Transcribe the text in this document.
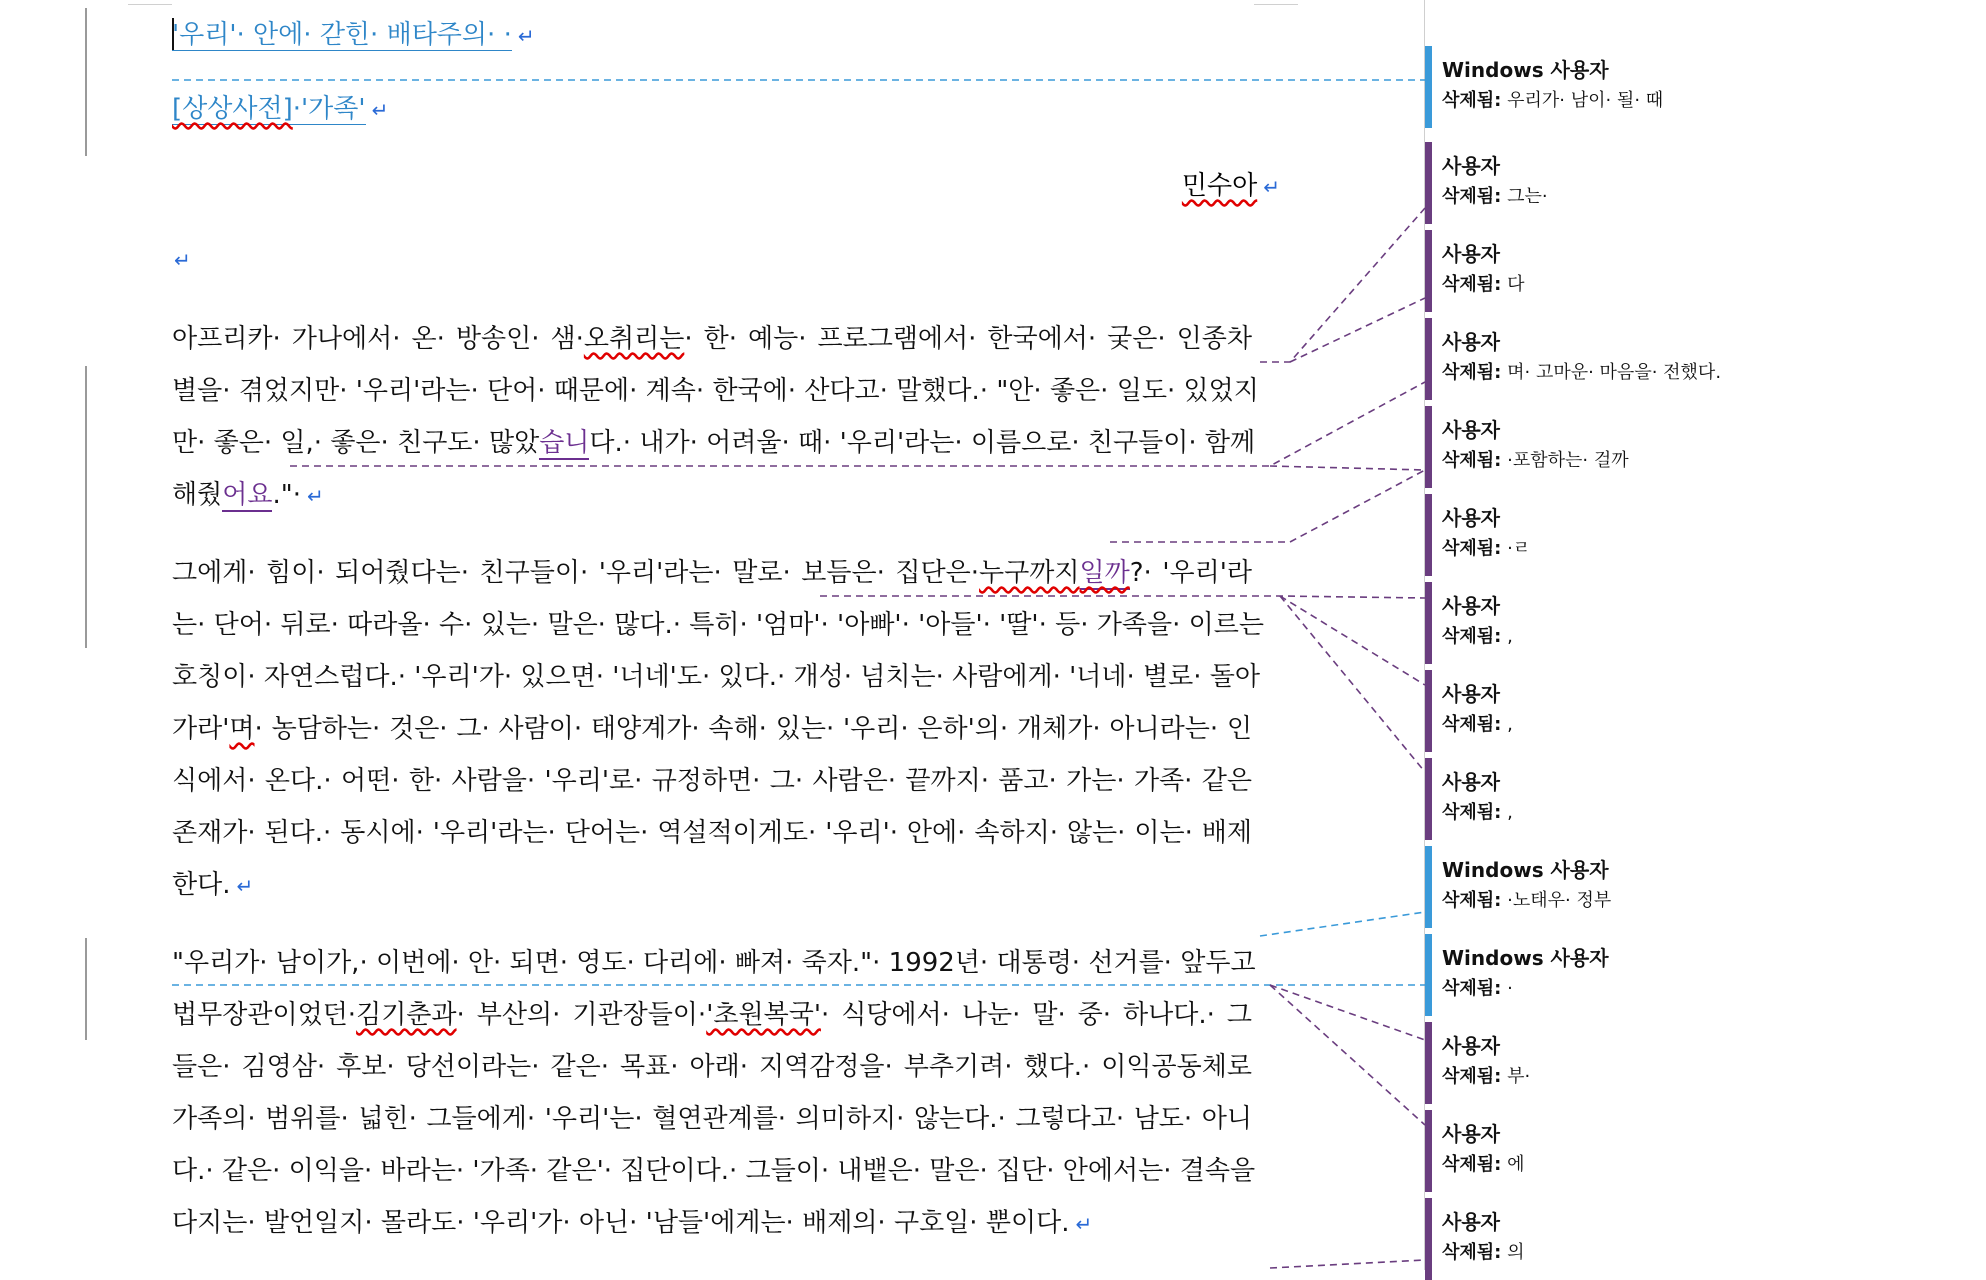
'우리'· 안에· 갇힌· 배타주의· · ↵
[상상사전]·'가족' ↵
민수아 ↵
↵
아프리카· 가나에서· 온· 방송인· 샘·오취리는· 한· 예능· 프로그램에서· 한국에서· 궂은· 인종차
별을· 겪었지만· '우리'라는· 단어· 때문에· 계속· 한국에· 산다고· 말했다.· "안· 좋은· 일도· 있었지
만· 좋은· 일,· 좋은· 친구도· 많았습니다.· 내가· 어려울· 때· '우리'라는· 이름으로· 친구들이· 함께
해줬어요."· ↵
그에게· 힘이· 되어줬다는· 친구들이· '우리'라는· 말로· 보듬은· 집단은·누구까지일까?· '우리'라
는· 단어· 뒤로· 따라올· 수· 있는· 말은· 많다.· 특히· '엄마'· '아빠'· '아들'· '딸'· 등· 가족을· 이르는
호칭이· 자연스럽다.· '우리'가· 있으면· '너네'도· 있다.· 개성· 넘치는· 사람에게· '너네· 별로· 돌아
가라'며· 농담하는· 것은· 그· 사람이· 태양계가· 속해· 있는· '우리· 은하'의· 개체가· 아니라는· 인
식에서· 온다.· 어떤· 한· 사람을· '우리'로· 규정하면· 그· 사람은· 끝까지· 품고· 가는· 가족· 같은
존재가· 된다.· 동시에· '우리'라는· 단어는· 역설적이게도· '우리'· 안에· 속하지· 않는· 이는· 배제
한다. ↵
"우리가· 남이가,· 이번에· 안· 되면· 영도· 다리에· 빠져· 죽자."· 1992년· 대통령· 선거를· 앞두고
법무장관이었던·김기춘과· 부산의· 기관장들이·'초원복국'· 식당에서· 나눈· 말· 중· 하나다.· 그
들은· 김영삼· 후보· 당선이라는· 같은· 목표· 아래· 지역감정을· 부추기려· 했다.· 이익공동체로
가족의· 범위를· 넓힌· 그들에게· '우리'는· 혈연관계를· 의미하지· 않는다.· 그렇다고· 남도· 아니
다.· 같은· 이익을· 바라는· '가족· 같은'· 집단이다.· 그들이· 내뱉은· 말은· 집단· 안에서는· 결속을
다지는· 발언일지· 몰라도· '우리'가· 아닌· '남들'에게는· 배제의· 구호일· 뿐이다. ↵
Windows 사용자
삭제됨: 우리가· 남이· 될· 때
사용자
삭제됨: 그는·
사용자
삭제됨: 다
사용자
삭제됨: 며· 고마운· 마음을· 전했다.
사용자
삭제됨: ·포함하는· 걸까
사용자
삭제됨: ·ㄹ
사용자
삭제됨: ,
사용자
삭제됨: ,
사용자
삭제됨: ,
Windows 사용자
삭제됨: ·노태우· 정부
Windows 사용자
삭제됨: ·
사용자
삭제됨: 부·
사용자
삭제됨: 에
사용자
삭제됨: 의
